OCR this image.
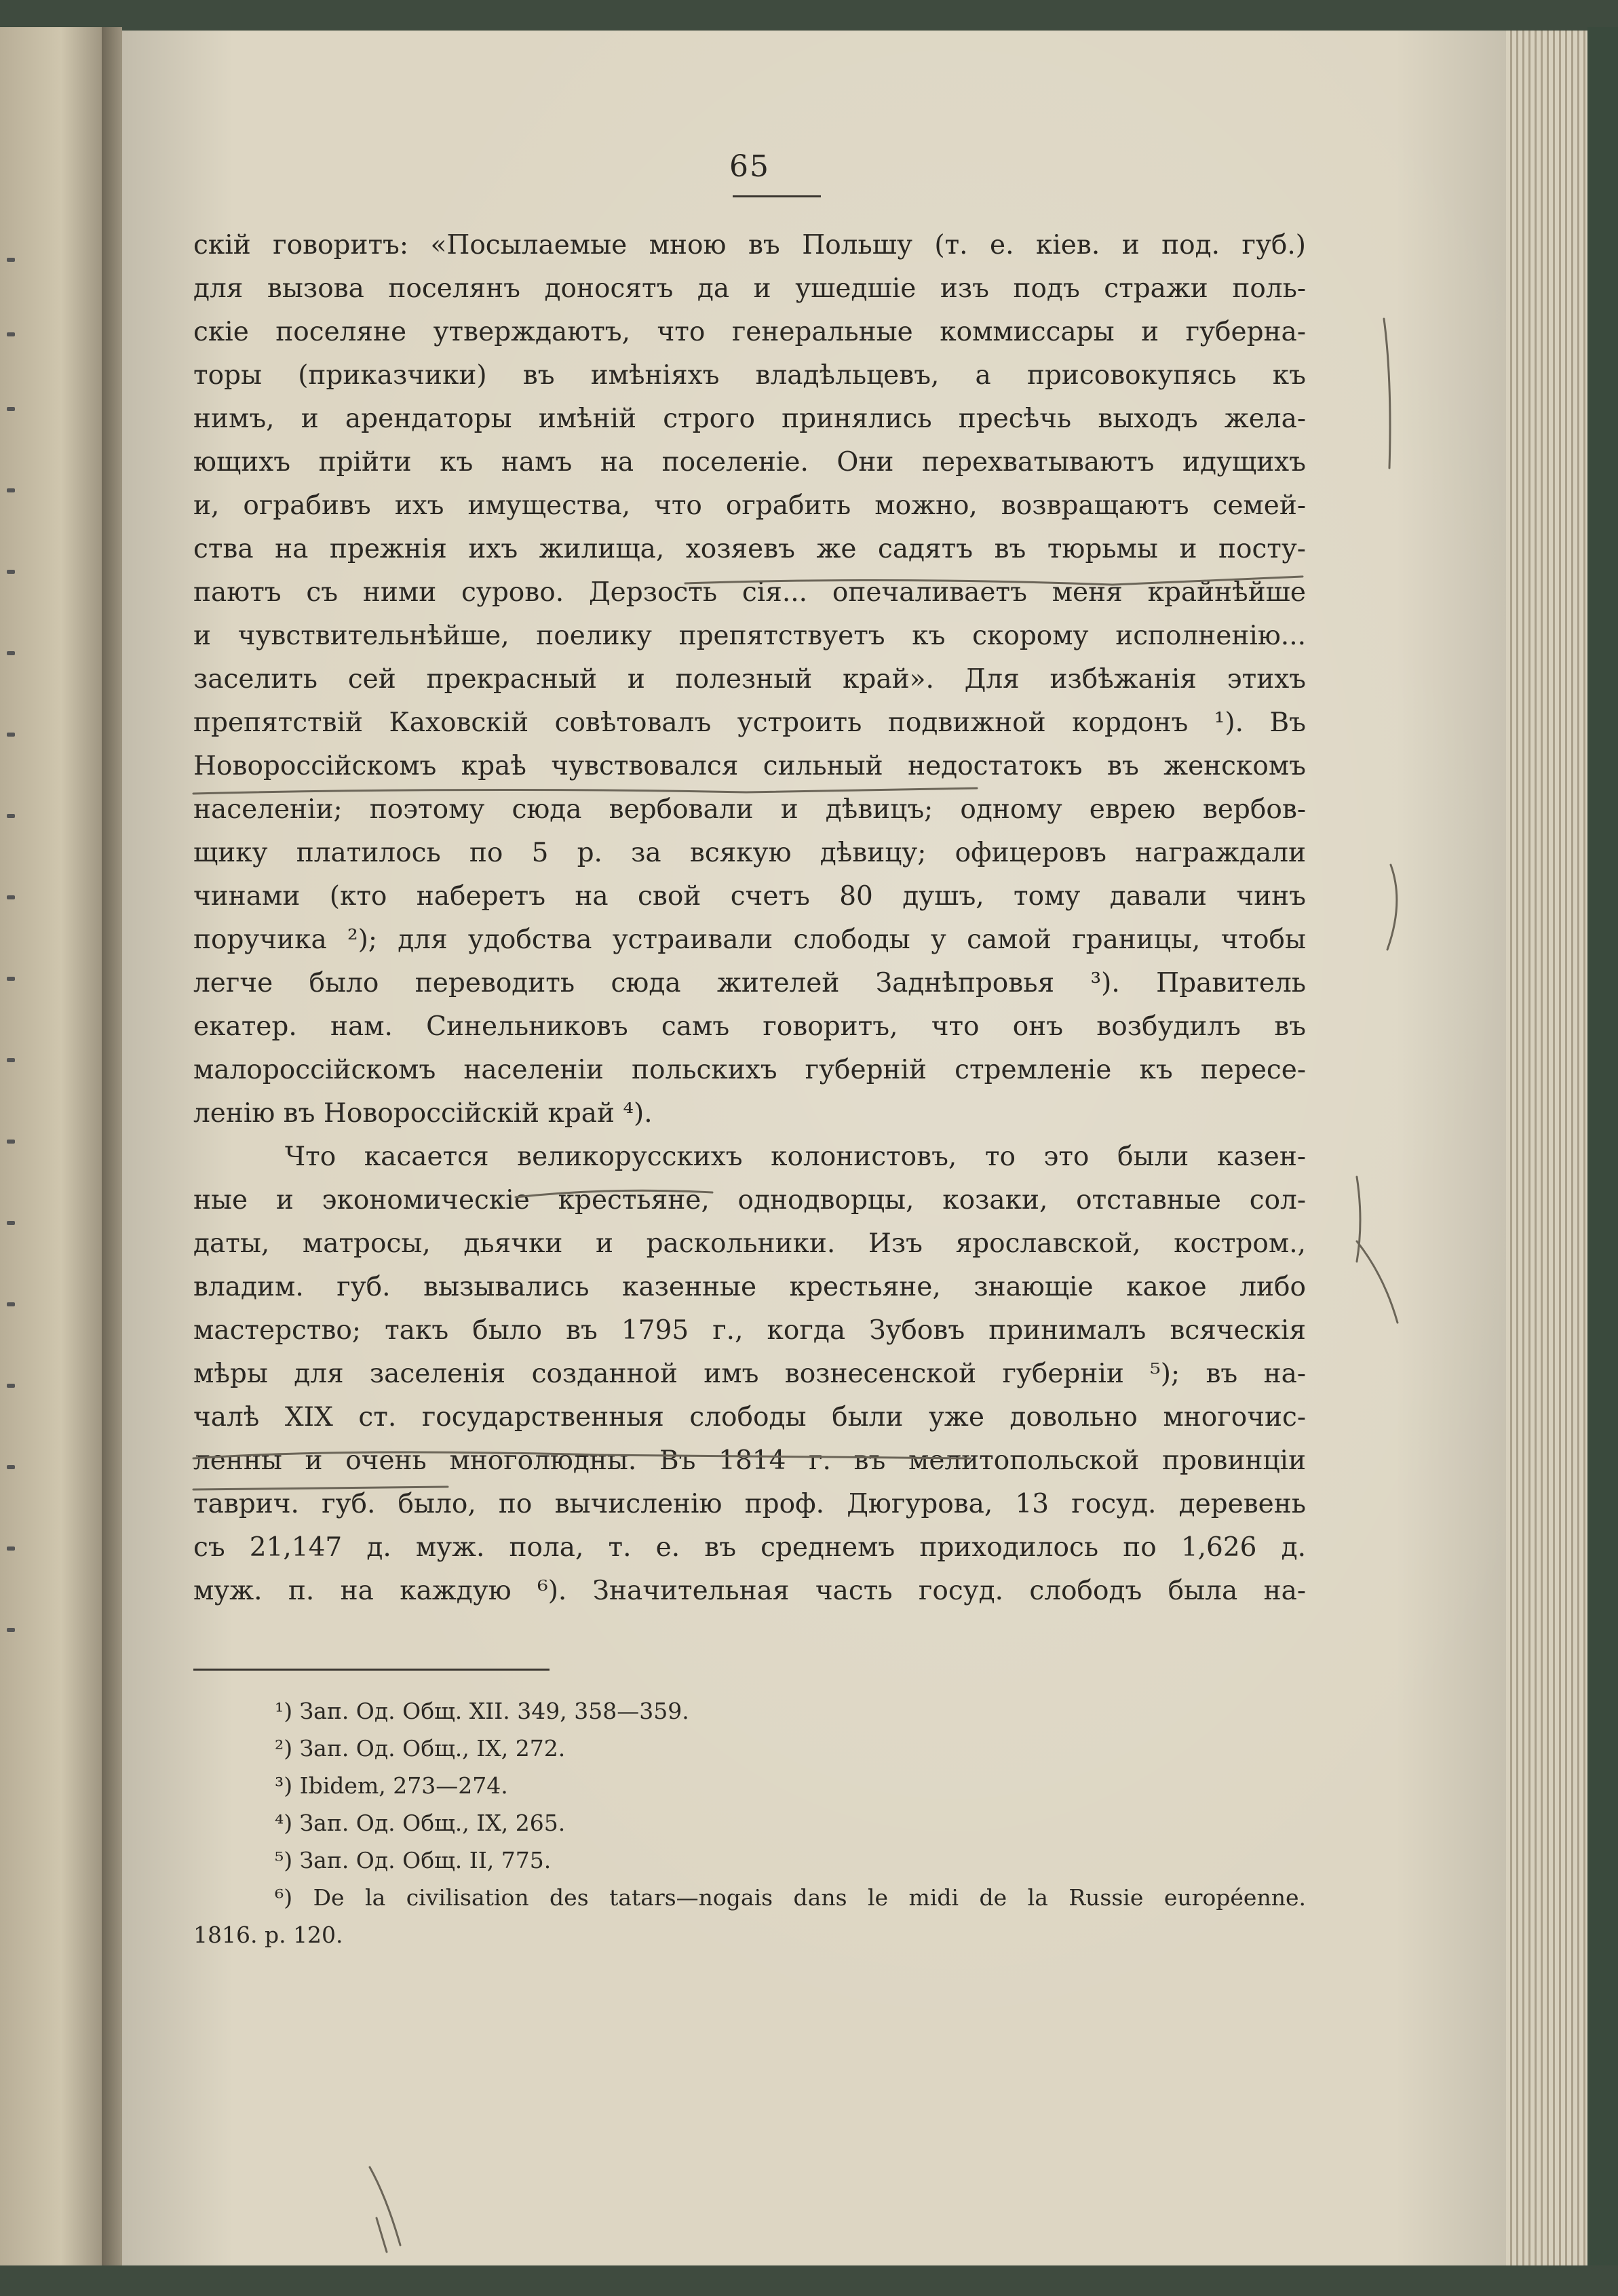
65
скій говоритъ: «Посылаемые мною въ Польшу (т. е. кіев. и под. губ.)
для вызова поселянъ доносятъ да и ушедшіе изъ подъ стражи поль-
скіе поселяне утверждаютъ, что генеральные коммиссары и губерна-
торы (приказчики) въ имѣніяхъ владѣльцевъ, а присовокупясь къ
нимъ, и арендаторы имѣній строго принялись пресѣчь выходъ жела-
ющихъ прійти къ намъ на поселеніе. Они перехватываютъ идущихъ
и, ограбивъ ихъ имущества, что ограбить можно, возвращаютъ семей-
ства на прежнія ихъ жилища, хозяевъ же садятъ въ тюрьмы и посту-
паютъ съ ними сурово. Дерзость сія... опечаливаетъ меня крайнѣйше
и чувствительнѣйше, поелику препятствуетъ къ скорому исполненію...
заселить сей прекрасный и полезный край». Для избѣжанія этихъ
препятствій Каховскій совѣтовалъ устроить подвижной кордонъ ¹). Въ
Новороссійскомъ краѣ чувствовался сильный недостатокъ въ женскомъ
населеніи; поэтому сюда вербовали и дѣвицъ; одному еврею вербов-
щику платилось по 5 р. за всякую дѣвицу; офицеровъ награждали
чинами (кто наберетъ на свой счетъ 80 душъ, тому давали чинъ
поручика ²); для удобства устраивали слободы у самой границы, чтобы
легче было переводить сюда жителей Заднѣпровья ³). Правитель
екатер. нам. Синельниковъ самъ говоритъ, что онъ возбудилъ въ
малороссійскомъ населеніи польскихъ губерній стремленіе къ пересе-
ленію въ Новороссійскій край ⁴).
Что касается великорусскихъ колонистовъ, то это были казен-
ные и экономическіе крестьяне, однодворцы, козаки, отставные сол-
даты, матросы, дьячки и раскольники. Изъ ярославской, костром.,
владим. губ. вызывались казенные крестьяне, знающіе какое либо
мастерство; такъ было въ 1795 г., когда Зубовъ принималъ всяческія
мѣры для заселенія созданной имъ вознесенской губерніи ⁵); въ на-
чалѣ XIX ст. государственныя слободы были уже довольно многочис-
ленны и очень многолюдны. Въ 1814 г. въ мелитопольской провинціи
таврич. губ. было, по вычисленію проф. Дюгурова, 13 госуд. деревень
съ 21,147 д. муж. пола, т. е. въ среднемъ приходилось по 1,626 д.
муж. п. на каждую ⁶). Значительная часть госуд. слободъ была на-
¹) Зап. Од. Общ. XII. 349, 358—359.
²) Зап. Од. Общ., IX, 272.
³) Ibidem, 273—274.
⁴) Зап. Од. Общ., IX, 265.
⁵) Зап. Од. Общ. II, 775.
⁶) De la civilisation des tatars—nogais dans le midi de la Russie européenne.
1816. p. 120.
